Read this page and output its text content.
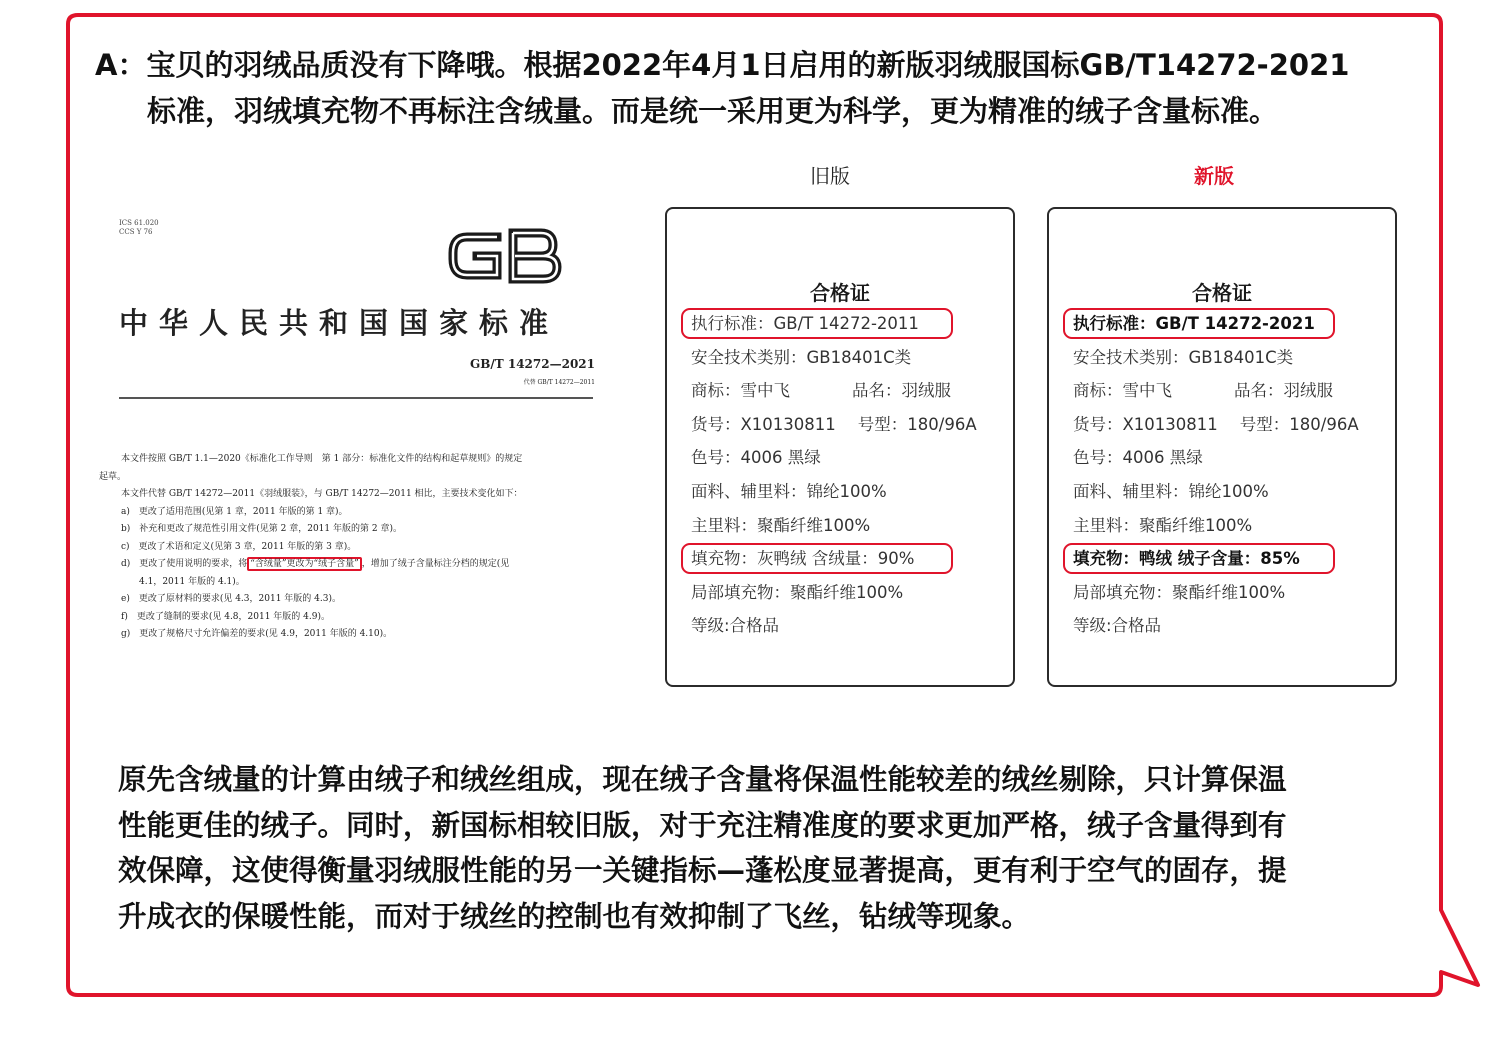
A：宝贝的羽绒品质没有下降哦。根据2022年4月1日启用的新版羽绒服国标GB/T14272-2021
标准，羽绒填充物不再标注含绒量。而是统一采用更为科学，更为精准的绒子含量标准。
旧版	新版
ICS 61.020
CCS Y 76
中华人民共和国国家标准
GB/T 14272—2021
代替 GB/T 14272—2011
本文件按照 GB/T 1.1—2020《标准化工作导则　第 1 部分：标准化文件的结构和起草规则》的规定
起草。
本文件代替 GB/T 14272—2011《羽绒服装》，与 GB/T 14272—2011 相比，主要技术变化如下：
a)　更改了适用范围(见第 1 章，2011 年版的第 1 章)。
b)　补充和更改了规范性引用文件(见第 2 章，2011 年版的第 2 章)。
c)　更改了术语和定义(见第 3 章，2011 年版的第 3 章)。
d)　更改了使用说明的要求，将 “含绒量”更改为“绒子含量” ，增加了绒子含量标注分档的规定(见
4.1，2011 年版的 4.1)。
e)　更改了原材料的要求(见 4.3，2011 年版的 4.3)。
f)　更改了缝制的要求(见 4.8，2011 年版的 4.9)。
g)　更改了规格尺寸允许偏差的要求(见 4.9，2011 年版的 4.10)。
合格证
执行标准：GB/T 14272-2011
安全技术类别：GB18401C类
商标：雪中飞	品名：羽绒服
货号：X10130811 号型：180/96A
色号：4006 黑绿
面料、辅里料：锦纶100%
主里料：聚酯纤维100%
填充物：灰鸭绒 含绒量：90%
局部填充物：聚酯纤维100%
等级:合格品
合格证
执行标准：GB/T 14272-2021
安全技术类别：GB18401C类
商标：雪中飞	品名：羽绒服
货号：X10130811 号型：180/96A
色号：4006 黑绿
面料、辅里料：锦纶100%
主里料：聚酯纤维100%
填充物：鸭绒 绒子含量：85%
局部填充物：聚酯纤维100%
等级:合格品
原先含绒量的计算由绒子和绒丝组成，现在绒子含量将保温性能较差的绒丝剔除，只计算保温
性能更佳的绒子。同时，新国标相较旧版，对于充注精准度的要求更加严格，绒子含量得到有
效保障，这使得衡量羽绒服性能的另一关键指标—蓬松度显著提高，更有利于空气的固存，提
升成衣的保暖性能，而对于绒丝的控制也有效抑制了飞丝，钻绒等现象。
